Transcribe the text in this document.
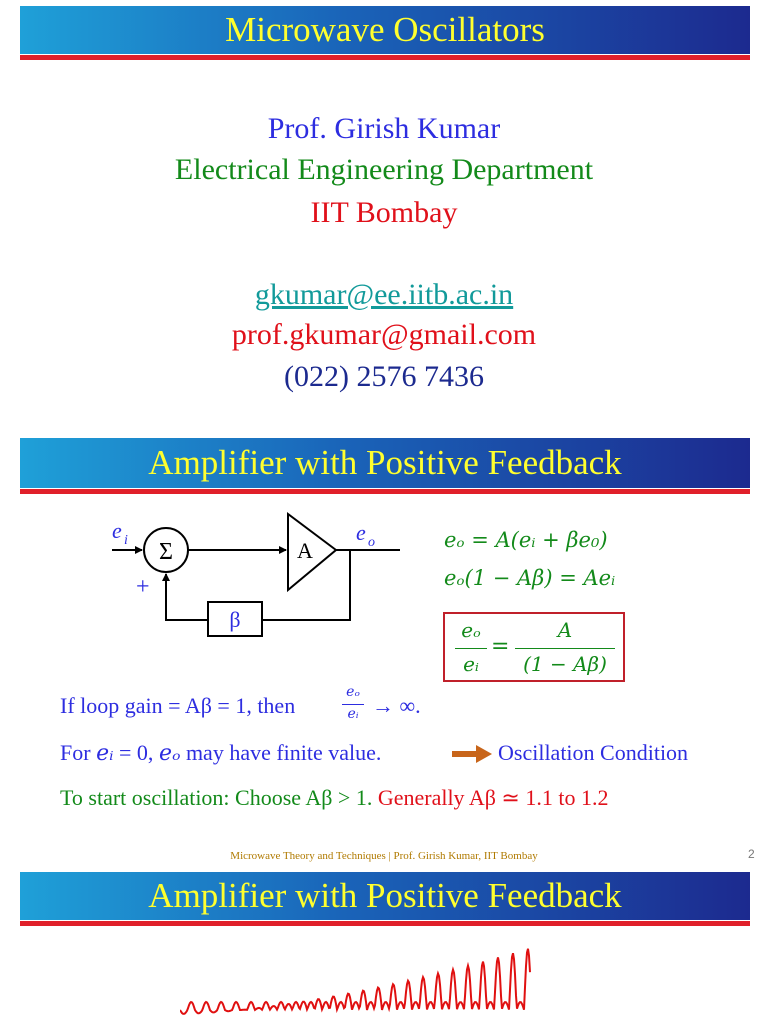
Microwave Oscillators
Prof. Girish Kumar
Electrical Engineering Department
IIT Bombay
gkumar@ee.iitb.ac.in
prof.gkumar@gmail.com
(022) 2576 7436
Amplifier with Positive Feedback
Σ	A
β
e i	e o
+
eₒ = A(eᵢ + βe₀)
eₒ(1 − Aβ) = Aeᵢ
eₒ
eᵢ
=
A
(1 − Aβ)
If loop gain = Aβ = 1, then
eₒ
eᵢ → ∞.
For eᵢ = 0, eₒ may have finite value.	Oscillation Condition
To start oscillation: Choose Aβ > 1. Generally Aβ ≃ 1.1 to 1.2
Microwave Theory and Techniques | Prof. Girish Kumar, IIT Bombay	2
Amplifier with Positive Feedback
